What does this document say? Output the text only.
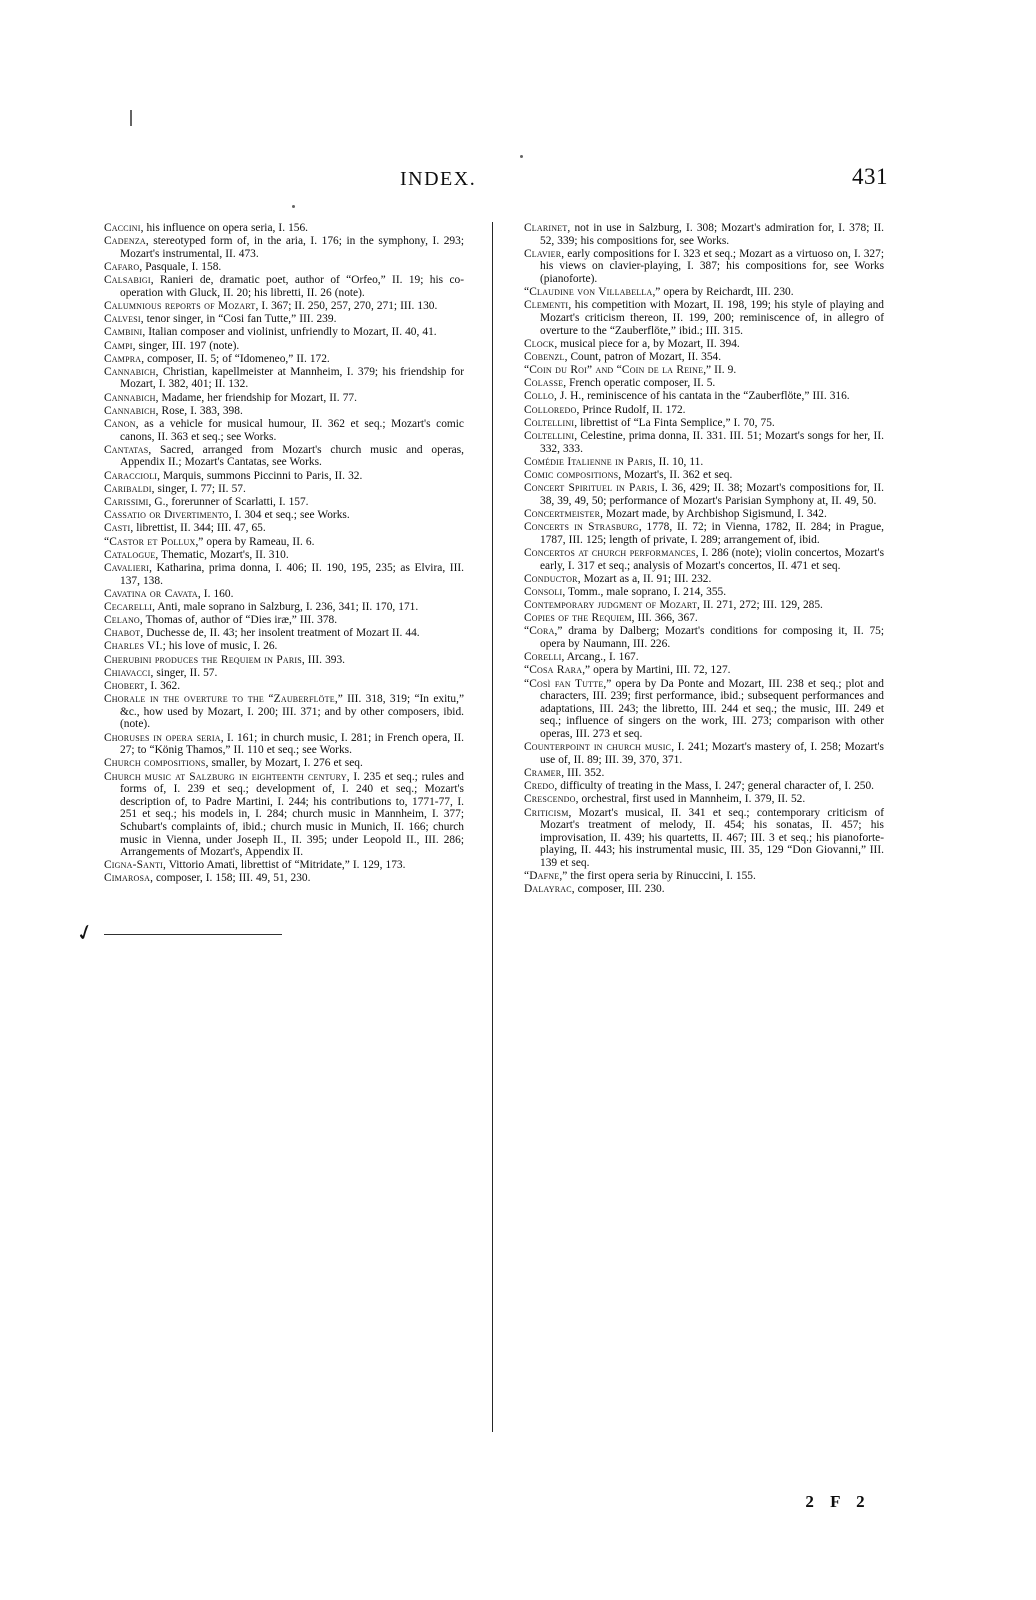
INDEX.	431

Caccini, his influence on opera seria, I. 156.

Cadenza, stereotyped form of, in the aria, I. 176; in the symphony, I. 293; Mozart's instrumental, II. 473.

Cafaro, Pasquale, I. 158.

Calsabigi, Ranieri de, dramatic poet, author of “Orfeo,” II. 19; his co-operation with Gluck, II. 20; his libretti, II. 26 (note).

Calumnious reports of Mozart, I. 367; II. 250, 257, 270, 271; III. 130.

Calvesi, tenor singer, in “Cosi fan Tutte,” III. 239.

Cambini, Italian composer and violinist, unfriendly to Mozart, II. 40, 41.

Campi, singer, III. 197 (note).

Campra, composer, II. 5; of “Idomeneo,” II. 172.

Cannabich, Christian, kapellmeister at Mannheim, I. 379; his friendship for Mozart, I. 382, 401; II. 132.

Cannabich, Madame, her friendship for Mozart, II. 77.

Cannabich, Rose, I. 383, 398.

Canon, as a vehicle for musical humour, II. 362 et seq.; Mozart's comic canons, II. 363 et seq.; see Works.

Cantatas, Sacred, arranged from Mozart's church music and operas, Appendix II.; Mozart's Cantatas, see Works.

Caraccioli, Marquis, summons Piccinni to Paris, II. 32.

Caribaldi, singer, I. 77; II. 57.

Carissimi, G., forerunner of Scarlatti, I. 157.

Cassatio or Divertimento, I. 304 et seq.; see Works.

Casti, librettist, II. 344; III. 47, 65.

“Castor et Pollux,” opera by Rameau, II. 6.

Catalogue, Thematic, Mozart's, II. 310.

Cavalieri, Katharina, prima donna, I. 406; II. 190, 195, 235; as Elvira, III. 137, 138.

Cavatina or Cavata, I. 160.

Cecarelli, Anti, male soprano in Salzburg, I. 236, 341; II. 170, 171.

Celano, Thomas of, author of “Dies iræ,” III. 378.

Chabot, Duchesse de, II. 43; her insolent treatment of Mozart II. 44.

Charles VI.; his love of music, I. 26.

Cherubini produces the Requiem in Paris, III. 393.

Chiavacci, singer, II. 57.

Chobert, I. 362.

Chorale in the overture to the “Zauberflöte,” III. 318, 319; “In exitu,” &c., how used by Mozart, I. 200; III. 371; and by other composers, ibid. (note).

Choruses in opera seria, I. 161; in church music, I. 281; in French opera, II. 27; to “König Thamos,” II. 110 et seq.; see Works.

Church compositions, smaller, by Mozart, I. 276 et seq.

Church music at Salzburg in eighteenth century, I. 235 et seq.; rules and forms of, I. 239 et seq.; development of, I. 240 et seq.; Mozart's description of, to Padre Martini, I. 244; his contributions to, 1771-77, I. 251 et seq.; his models in, I. 284; church music in Mannheim, I. 377; Schubart's complaints of, ibid.; church music in Munich, II. 166; church music in Vienna, under Joseph II., II. 395; under Leopold II., III. 286; Arrangements of Mozart's, Appendix II.

Cigna-Santi, Vittorio Amati, librettist of “Mitridate,” I. 129, 173.

Cimarosa, composer, I. 158; III. 49, 51, 230.

Clarinet, not in use in Salzburg, I. 308; Mozart's admiration for, I. 378; II. 52, 339; his compositions for, see Works.

Clavier, early compositions for I. 323 et seq.; Mozart as a virtuoso on, I. 327; his views on clavier-playing, I. 387; his compositions for, see Works (pianoforte).

“Claudine von Villabella,” opera by Reichardt, III. 230.

Clementi, his competition with Mozart, II. 198, 199; his style of playing and Mozart's criticism thereon, II. 199, 200; reminiscence of, in allegro of overture to the “Zauberflöte,” ibid.; III. 315.

Clock, musical piece for a, by Mozart, II. 394.

Cobenzl, Count, patron of Mozart, II. 354.

“Coin du Roi” and “Coin de la Reine,” II. 9.

Colasse, French operatic composer, II. 5.

Collo, J. H., reminiscence of his cantata in the “Zauberflöte,” III. 316.

Colloredo, Prince Rudolf, II. 172.

Coltellini, librettist of “La Finta Semplice,” I. 70, 75.

Coltellini, Celestine, prima donna, II. 331. III. 51; Mozart's songs for her, II. 332, 333.

Comédie Italienne in Paris, II. 10, 11.

Comic compositions, Mozart's, II. 362 et seq.

Concert Spirituel in Paris, I. 36, 429; II. 38; Mozart's compositions for, II. 38, 39, 49, 50; performance of Mozart's Parisian Symphony at, II. 49, 50.

Concertmeister, Mozart made, by Archbishop Sigismund, I. 342.

Concerts in Strasburg, 1778, II. 72; in Vienna, 1782, II. 284; in Prague, 1787, III. 125; length of private, I. 289; arrangement of, ibid.

Concertos at church performances, I. 286 (note); violin concertos, Mozart's early, I. 317 et seq.; analysis of Mozart's concertos, II. 471 et seq.

Conductor, Mozart as a, II. 91; III. 232.

Consoli, Tomm., male soprano, I. 214, 355.

Contemporary judgment of Mozart, II. 271, 272; III. 129, 285.

Copies of the Requiem, III. 366, 367.

“Cora,” drama by Dalberg; Mozart's conditions for composing it, II. 75; opera by Naumann, III. 226.

Corelli, Arcang., I. 167.

“Cosa Rara,” opera by Martini, III. 72, 127.

“Così fan Tutte,” opera by Da Ponte and Mozart, III. 238 et seq.; plot and characters, III. 239; first performance, ibid.; subsequent performances and adaptations, III. 243; the libretto, III. 244 et seq.; the music, III. 249 et seq.; influence of singers on the work, III. 273; comparison with other operas, III. 273 et seq.

Counterpoint in church music, I. 241; Mozart's mastery of, I. 258; Mozart's use of, II. 89; III. 39, 370, 371.

Cramer, III. 352.

Credo, difficulty of treating in the Mass, I. 247; general character of, I. 250.

Crescendo, orchestral, first used in Mannheim, I. 379, II. 52.

Criticism, Mozart's musical, II. 341 et seq.; contemporary criticism of Mozart's treatment of melody, II. 454; his sonatas, II. 457; his improvisation, II. 439; his quartetts, II. 467; III. 3 et seq.; his pianoforte-playing, II. 443; his instrumental music, III. 35, 129 “Don Giovanni,” III. 139 et seq.

“Dafne,” the first opera seria by Rinuccini, I. 155.

Dalayrac, composer, III. 230.

✓
2 F 2
